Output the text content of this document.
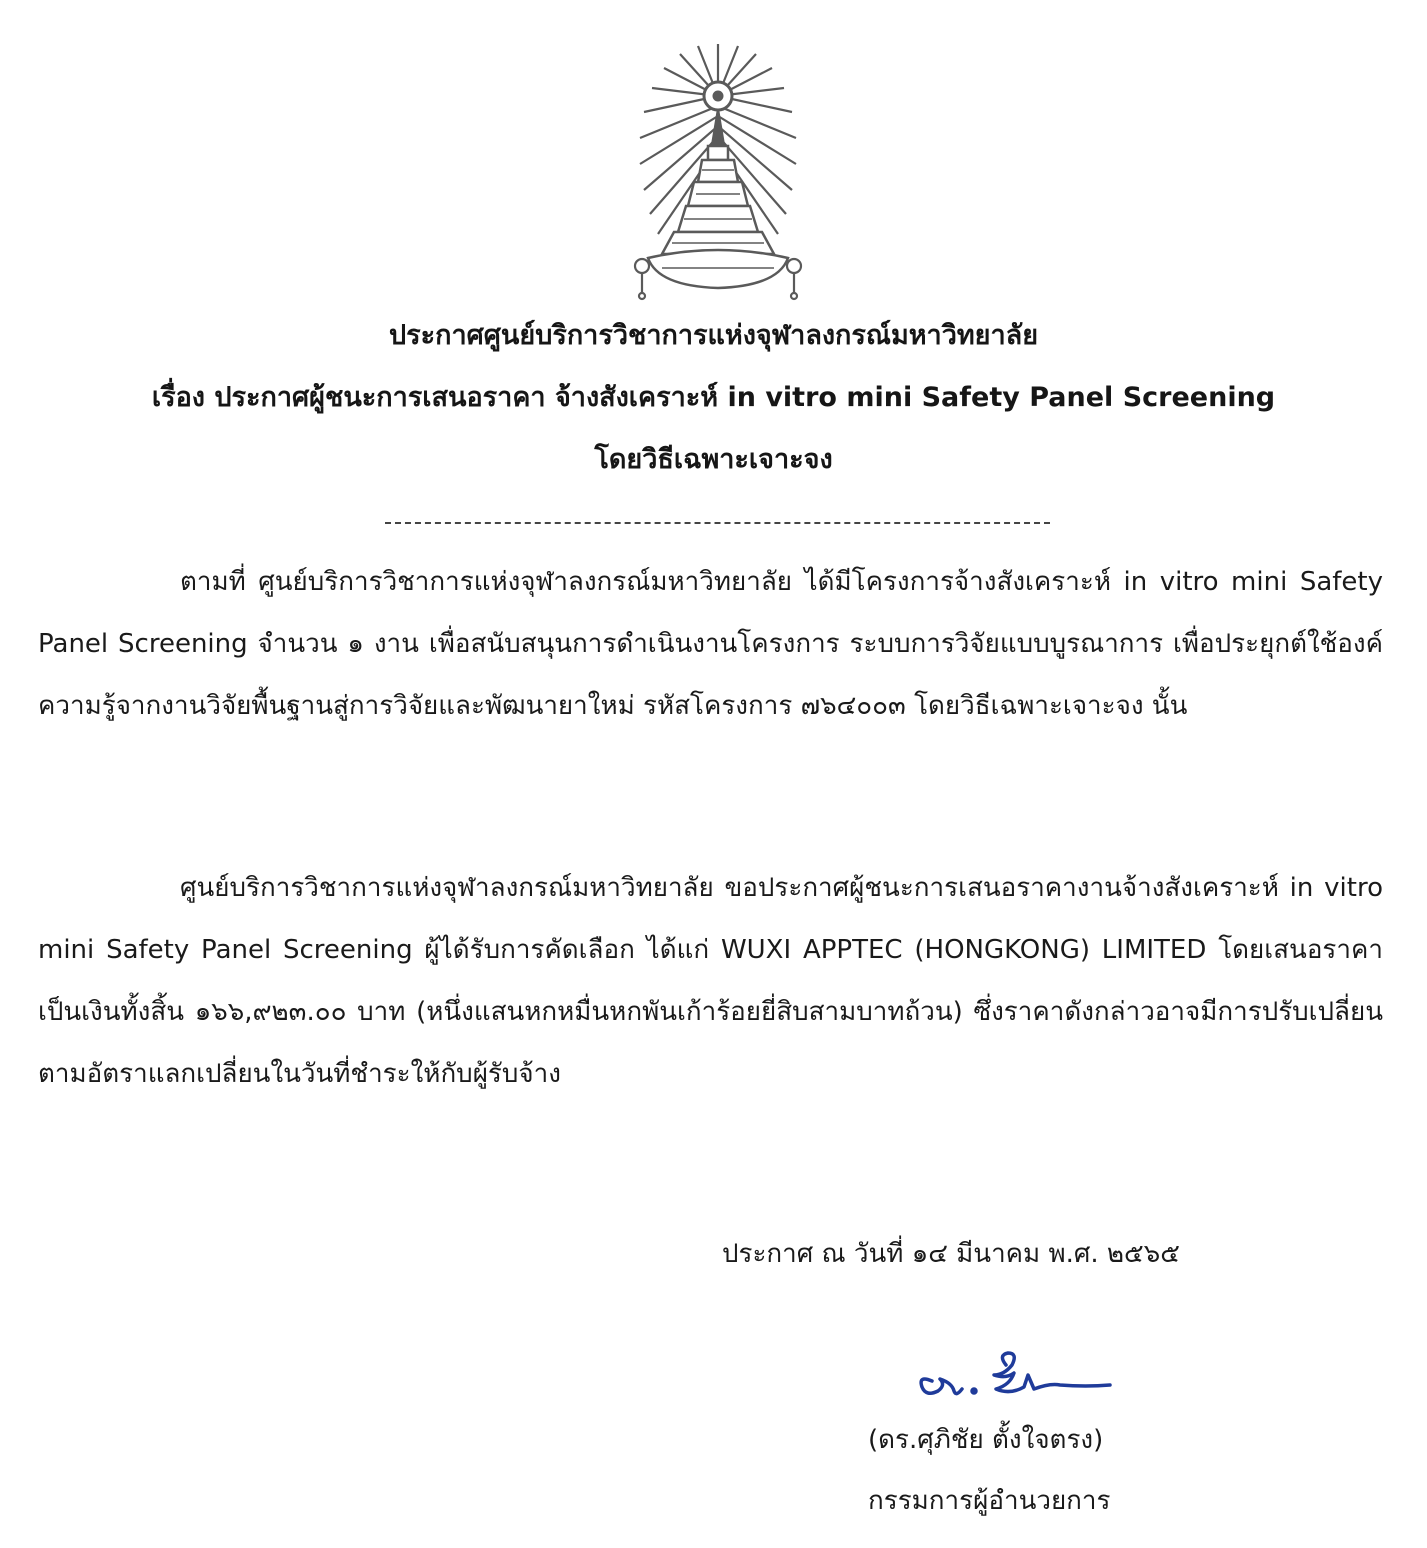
ประกาศศูนย์บริการวิชาการแห่งจุฬาลงกรณ์มหาวิทยาลัย
เรื่อง ประกาศผู้ชนะการเสนอราคา จ้างสังเคราะห์ in vitro mini Safety Panel Screening
โดยวิธีเฉพาะเจาะจง
ตามที่ ศูนย์บริการวิชาการแห่งจุฬาลงกรณ์มหาวิทยาลัย ได้มีโครงการจ้างสังเคราะห์ in vitro mini Safety Panel Screening จำนวน ๑ งาน เพื่อสนับสนุนการดำเนินงานโครงการ ระบบการวิจัยแบบบูรณาการ เพื่อประยุกต์ใช้องค์ความรู้จากงานวิจัยพื้นฐานสู่การวิจัยและพัฒนายาใหม่ รหัสโครงการ ๗๖๔๐๐๓ โดยวิธีเฉพาะเจาะจง นั้น
ศูนย์บริการวิชาการแห่งจุฬาลงกรณ์มหาวิทยาลัย ขอประกาศผู้ชนะการเสนอราคางานจ้างสังเคราะห์ in vitro mini Safety Panel Screening ผู้ได้รับการคัดเลือก ได้แก่ WUXI APPTEC (HONGKONG) LIMITED โดยเสนอราคาเป็นเงินทั้งสิ้น ๑๖๖,๙๒๓.๐๐ บาท (หนึ่งแสนหกหมื่นหกพันเก้าร้อยยี่สิบสามบาทถ้วน) ซึ่งราคาดังกล่าวอาจมีการปรับเปลี่ยนตามอัตราแลกเปลี่ยนในวันที่ชำระให้กับผู้รับจ้าง
ประกาศ ณ วันที่ ๑๔ มีนาคม พ.ศ. ๒๕๖๕
(ดร.ศุภิชัย ตั้งใจตรง)
กรรมการผู้อำนวยการ
